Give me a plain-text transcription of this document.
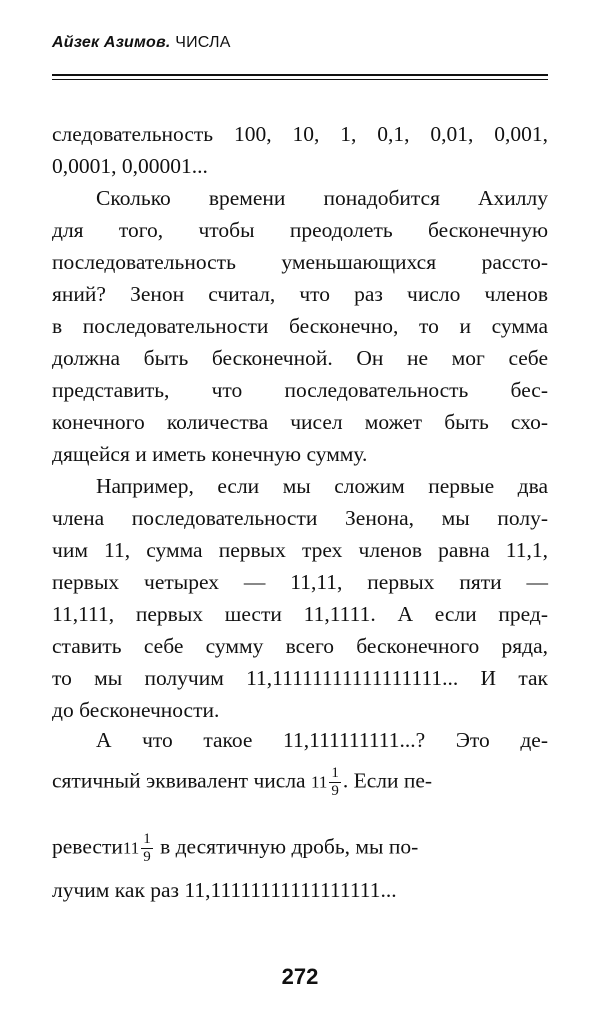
Айзек Азимов. ЧИСЛА
следовательность 100, 10, 1, 0,1, 0,01, 0,001,
0,0001, 0,00001...
Сколько времени понадобится Ахиллу
для того, чтобы преодолеть бесконечную
последовательность уменьшающихся рассто-
яний? Зенон считал, что раз число членов
в последовательности бесконечно, то и сумма
должна быть бесконечной. Он не мог себе
представить, что последовательность бес-
конечного количества чисел может быть схо-
дящейся и иметь конечную сумму.
Например, если мы сложим первые два
члена последовательности Зенона, мы полу-
чим 11, сумма первых трех членов равна 11,1,
первых четырех — 11,11, первых пяти —
11,111, первых шести 11,1111. А если пред-
ставить себе сумму всего бесконечного ряда,
то мы получим 11,11111111111111111... И так
до бесконечности.
А что такое 11,111111111...? Это де-
сятичный эквивалент числа $11 \frac{1}{9}$ . Если пе-
ревести11 $\frac{1}{9}$ в десятичную дробь, мы по-
лучим как раз 11,11111111111111111...
272
